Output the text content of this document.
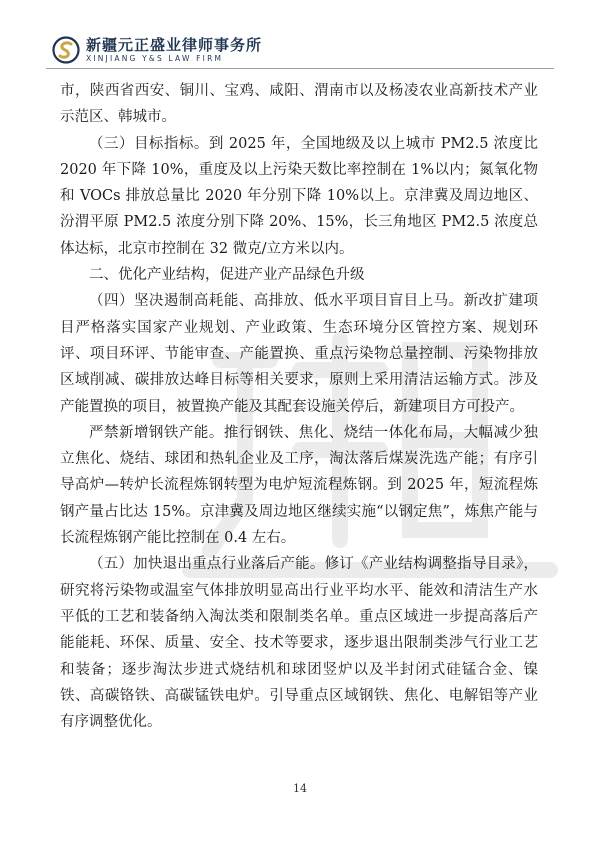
新疆元正盛业律师事务所
XINJIANG Y&S LAW FIRM

市，陕西省西安、铜川、宝鸡、咸阳、渭南市以及杨凌农业高新技术产业示范区、韩城市。

（三）目标指标。到 2025 年，全国地级及以上城市 PM2.5 浓度比 2020 年下降 10%，重度及以上污染天数比率控制在 1%以内；氮氧化物和 VOCs 排放总量比 2020 年分别下降 10%以上。京津冀及周边地区、汾渭平原 PM2.5 浓度分别下降 20%、15%，长三角地区 PM2.5 浓度总体达标，北京市控制在 32 微克/立方米以内。

二、优化产业结构，促进产业产品绿色升级

（四）坚决遏制高耗能、高排放、低水平项目盲目上马。新改扩建项目严格落实国家产业规划、产业政策、生态环境分区管控方案、规划环评、项目环评、节能审查、产能置换、重点污染物总量控制、污染物排放区域削减、碳排放达峰目标等相关要求，原则上采用清洁运输方式。涉及产能置换的项目，被置换产能及其配套设施关停后，新建项目方可投产。

严禁新增钢铁产能。推行钢铁、焦化、烧结一体化布局，大幅减少独立焦化、烧结、球团和热轧企业及工序，淘汰落后煤炭洗选产能；有序引导高炉—转炉长流程炼钢转型为电炉短流程炼钢。到 2025 年，短流程炼钢产量占比达 15%。京津冀及周边地区继续实施“以钢定焦”，炼焦产能与长流程炼钢产能比控制在 0.4 左右。

（五）加快退出重点行业落后产能。修订《产业结构调整指导目录》，研究将污染物或温室气体排放明显高出行业平均水平、能效和清洁生产水平低的工艺和装备纳入淘汰类和限制类名单。重点区域进一步提高落后产能能耗、环保、质量、安全、技术等要求，逐步退出限制类涉气行业工艺和装备；逐步淘汰步进式烧结机和球团竖炉以及半封闭式硅锰合金、镍铁、高碳铬铁、高碳锰铁电炉。引导重点区域钢铁、焦化、电解铝等产业有序调整优化。

14
